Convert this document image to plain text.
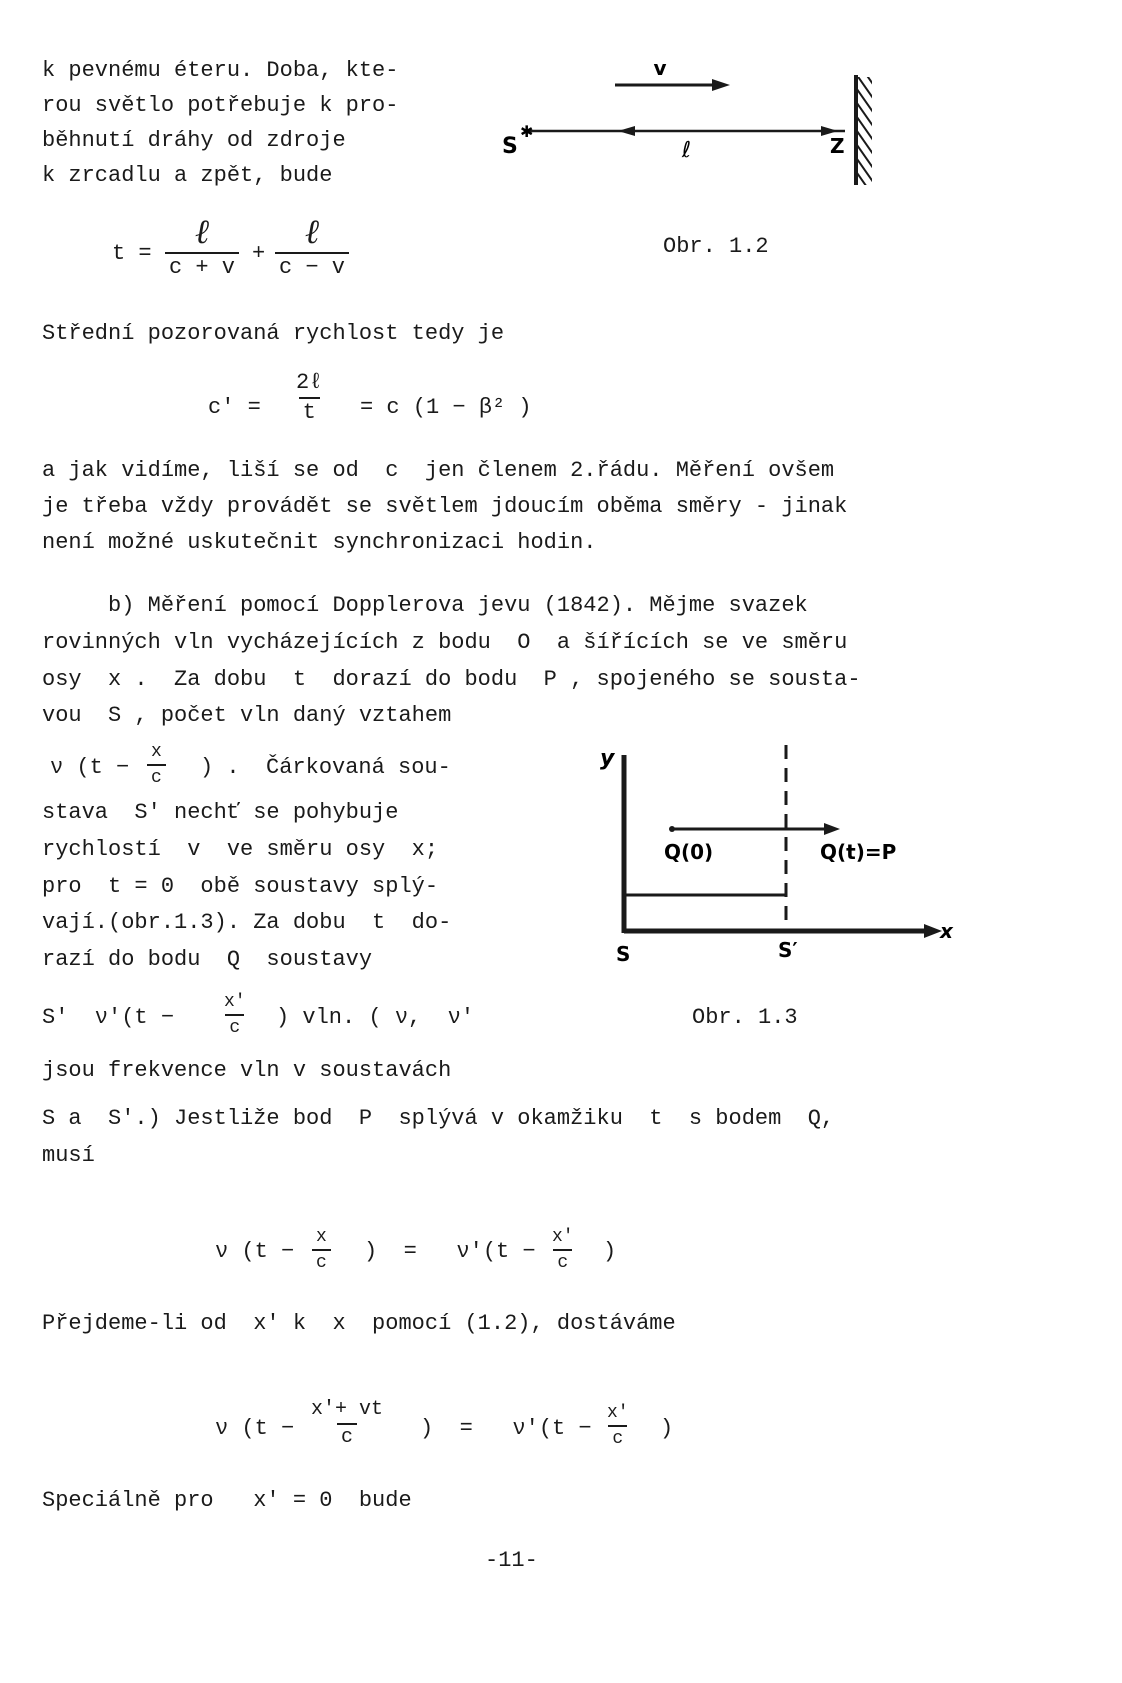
k pevnému éteru. Doba, kte-
rou světlo potřebuje k pro-
běhnutí dráhy od zdroje
k zrcadlu a zpět, bude
t =
ℓ
c + v
+
ℓ
c − v
v
✱
S	ℓ	Z
Obr. 1.2
Střední pozorovaná rychlost tedy je
c′ =
2ℓ
t = c (1 − β² )
a jak vidíme, liší se od  c  jen členem 2.řádu. Měření ovšem
je třeba vždy provádět se světlem jdoucím oběma směry - jinak
není možné uskutečnit synchronizaci hodin.
b) Měření pomocí Dopplerova jevu (1842). Mějme svazek
rovinných vln vycházejících z bodu  O  a šířících se ve směru
osy  x .  Za dobu  t  dorazí do bodu  P , spojeného se sousta-
vou  S , počet vln daný vztahem
ν ($t - \frac{x}{c}$ ) .  Čárkovaná sou-
stava  S′ nechť se pohybuje
rychlostí  v  ve směru osy  x;
pro  t = 0  obě soustavy splý-
vají.(obr.1.3). Za dobu  t  do-
razí do bodu  Q  soustavy
y
x
Q(0)	Q(t)=P
S	S′
S′  ν′(t −	$\frac{x'}{c}$ ) vln. ( ν,  ν′	Obr. 1.3
jsou frekvence vln v soustavách
S a  S′.) Jestliže bod  P  splývá v okamžiku  t  s bodem  Q,
musí
ν ($t - \frac{x}{c}$ )  =   $\nu'(t - \frac{x'}{c}$ )
Přejdeme-li od  x′ k  x  pomocí (1.2), dostáváme
ν ($t - \frac{x'+ vt}{c}$ )  =   $\nu'(t - \frac{x'}{c}$ )
Speciálně pro   x′ = 0  bude
-11-
